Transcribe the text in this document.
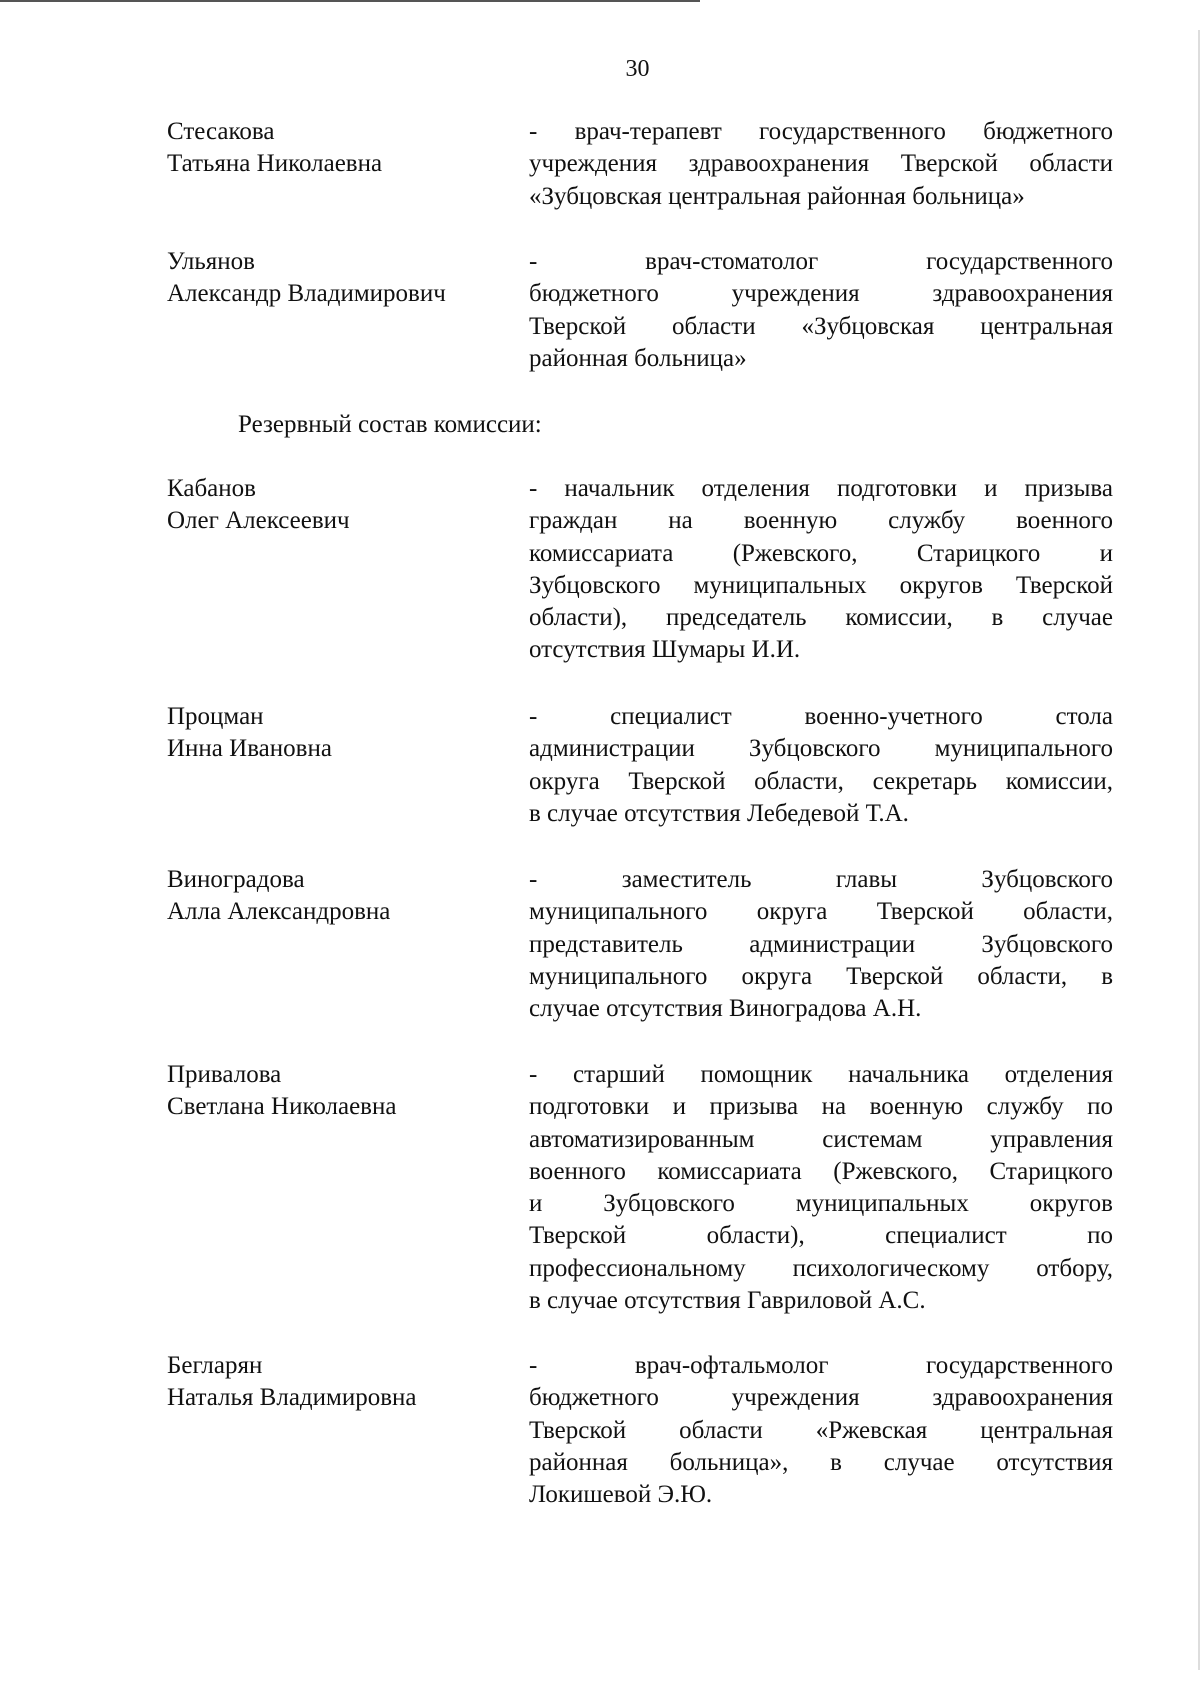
30
Стесакова
Татьяна Николаевна
- врач-терапевт государственного бюджетного
учреждения здравоохранения Тверской области
«Зубцовская центральная районная больница»
Ульянов
Александр Владимирович
- врач-стоматолог государственного
бюджетного учреждения здравоохранения
Тверской области «Зубцовская центральная
районная больница»
Резервный состав комиссии:
Кабанов
Олег Алексеевич
- начальник отделения подготовки и призыва
граждан на военную службу военного
комиссариата (Ржевского, Старицкого и
Зубцовского муниципальных округов Тверской
области), председатель комиссии, в случае
отсутствия Шумары И.И.
Процман
Инна Ивановна
- специалист военно-учетного стола
администрации Зубцовского муниципального
округа Тверской области, секретарь комиссии,
в случае отсутствия Лебедевой Т.А.
Виноградова
Алла Александровна
- заместитель главы Зубцовского
муниципального округа Тверской области,
представитель администрации Зубцовского
муниципального округа Тверской области, в
случае отсутствия Виноградова А.Н.
Привалова
Светлана Николаевна
- старший помощник начальника отделения
подготовки и призыва на военную службу по
автоматизированным системам управления
военного комиссариата (Ржевского, Старицкого
и Зубцовского муниципальных округов
Тверской области), специалист по
профессиональному психологическому отбору,
в случае отсутствия Гавриловой А.С.
Бегларян
Наталья Владимировна
- врач-офтальмолог государственного
бюджетного учреждения здравоохранения
Тверской области «Ржевская центральная
районная больница», в случае отсутствия
Локишевой Э.Ю.
